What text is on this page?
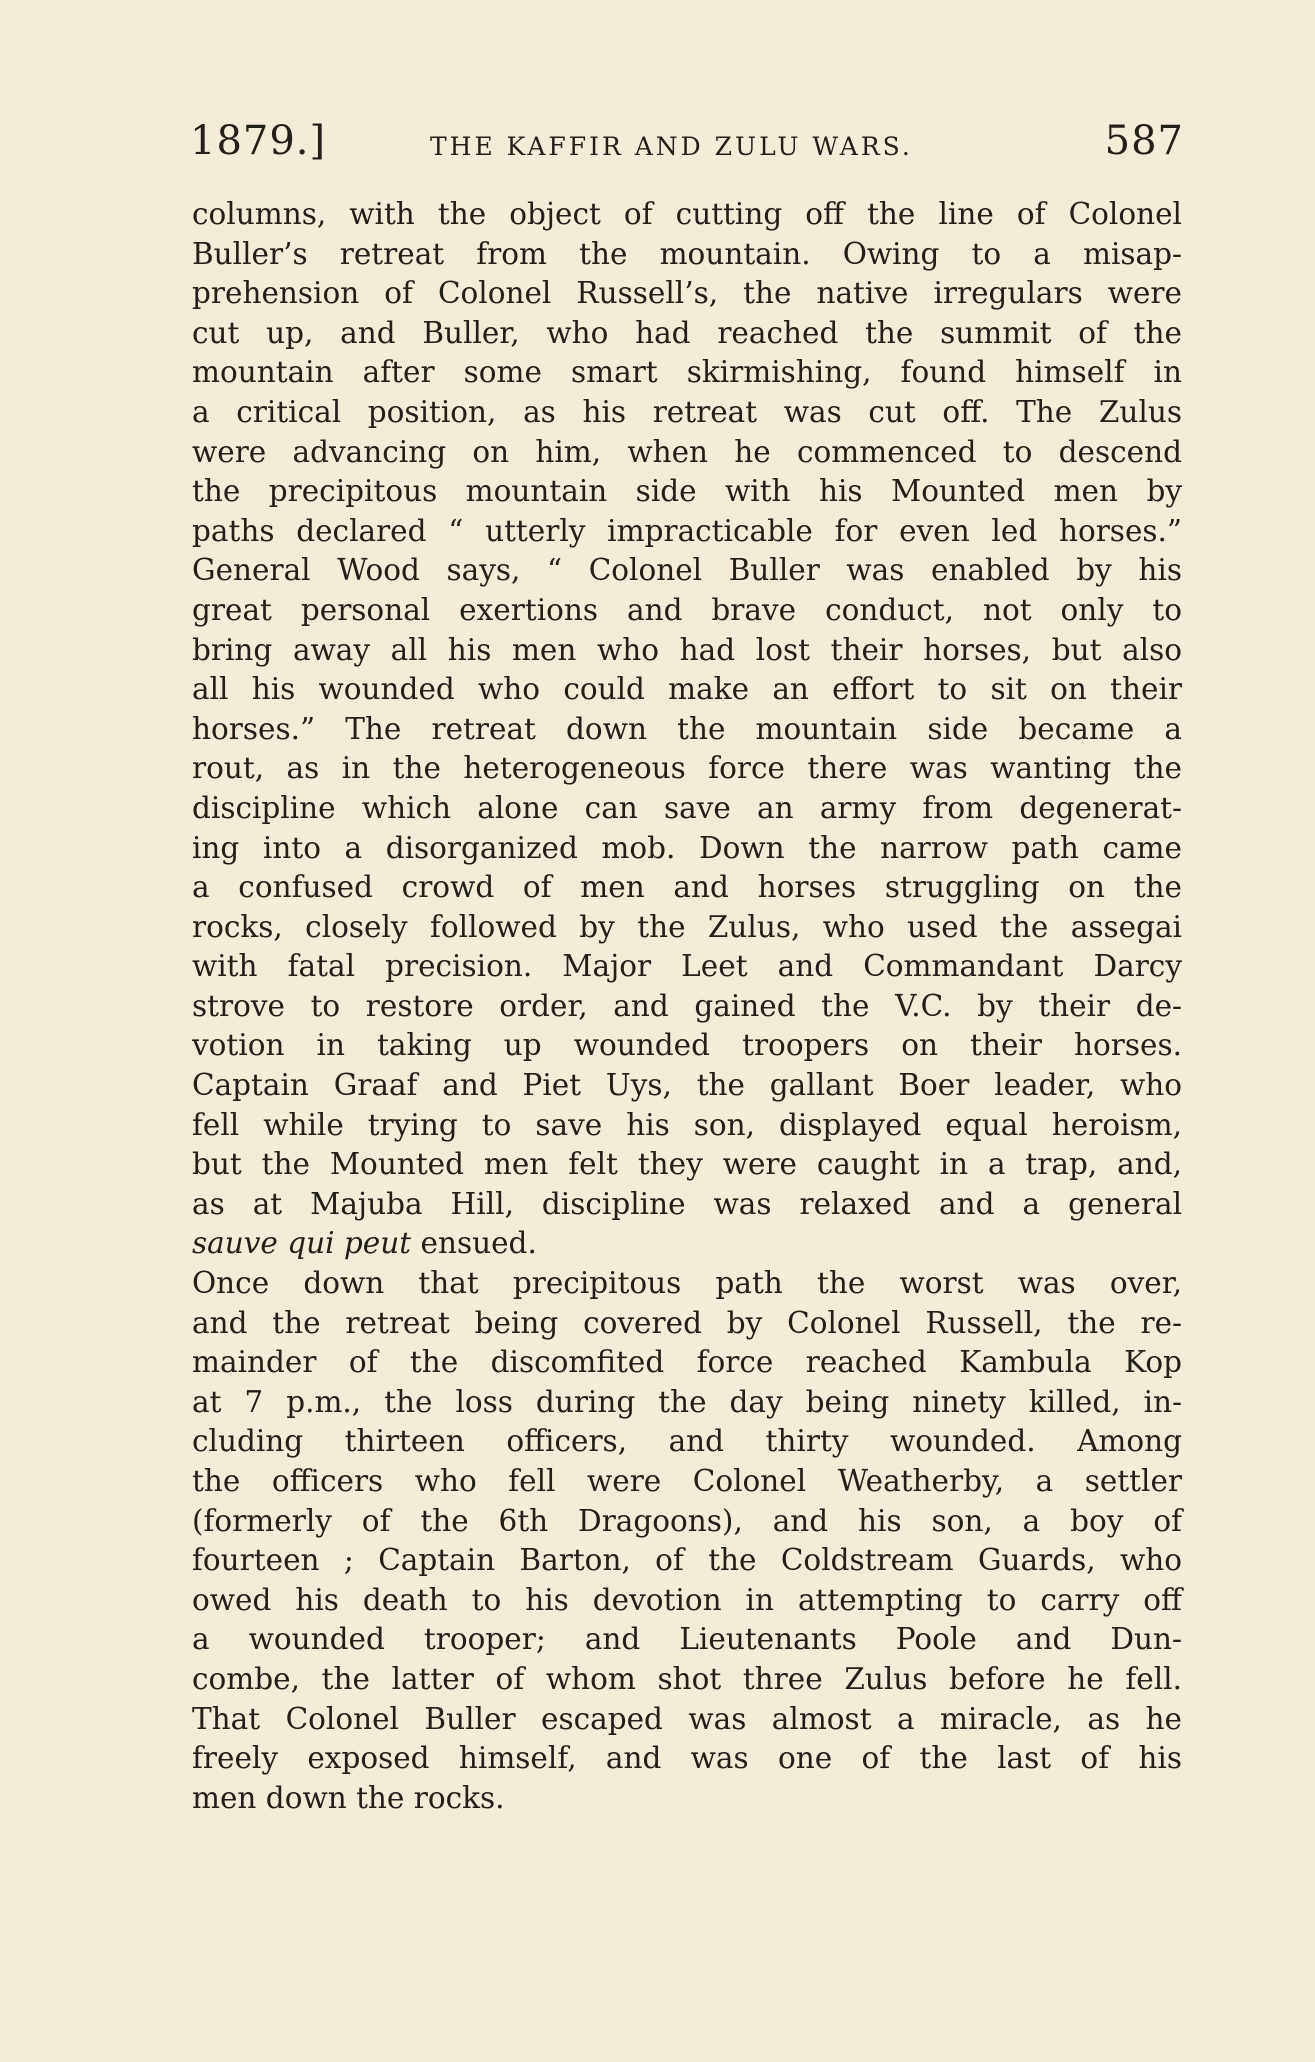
1879.]	THE KAFFIR AND ZULU WARS.	587
columns, with the object of cutting off the line of Colonel
Buller’s retreat from the mountain. Owing to a misap-
prehension of Colonel Russell’s, the native irregulars were
cut up, and Buller, who had reached the summit of the
mountain after some smart skirmishing, found himself in
a critical position, as his retreat was cut off. The Zulus
were advancing on him, when he commenced to descend
the precipitous mountain side with his Mounted men by
paths declared “ utterly impracticable for even led horses.”
General Wood says, “ Colonel Buller was enabled by his
great personal exertions and brave conduct, not only to
bring away all his men who had lost their horses, but also
all his wounded who could make an effort to sit on their
horses.” The retreat down the mountain side became a
rout, as in the heterogeneous force there was wanting the
discipline which alone can save an army from degenerat-
ing into a disorganized mob. Down the narrow path came
a confused crowd of men and horses struggling on the
rocks, closely followed by the Zulus, who used the assegai
with fatal precision. Major Leet and Commandant Darcy
strove to restore order, and gained the V.C. by their de-
votion in taking up wounded troopers on their horses.
Captain Graaf and Piet Uys, the gallant Boer leader, who
fell while trying to save his son, displayed equal heroism,
but the Mounted men felt they were caught in a trap, and,
as at Majuba Hill, discipline was relaxed and a general
sauve qui peut ensued.
Once down that precipitous path the worst was over,
and the retreat being covered by Colonel Russell, the re-
mainder of the discomfited force reached Kambula Kop
at 7 p.m., the loss during the day being ninety killed, in-
cluding thirteen officers, and thirty wounded. Among
the officers who fell were Colonel Weatherby, a settler
(formerly of the 6th Dragoons), and his son, a boy of
fourteen ; Captain Barton, of the Coldstream Guards, who
owed his death to his devotion in attempting to carry off
a wounded trooper; and Lieutenants Poole and Dun-
combe, the latter of whom shot three Zulus before he fell.
That Colonel Buller escaped was almost a miracle, as he
freely exposed himself, and was one of the last of his
men down the rocks.
